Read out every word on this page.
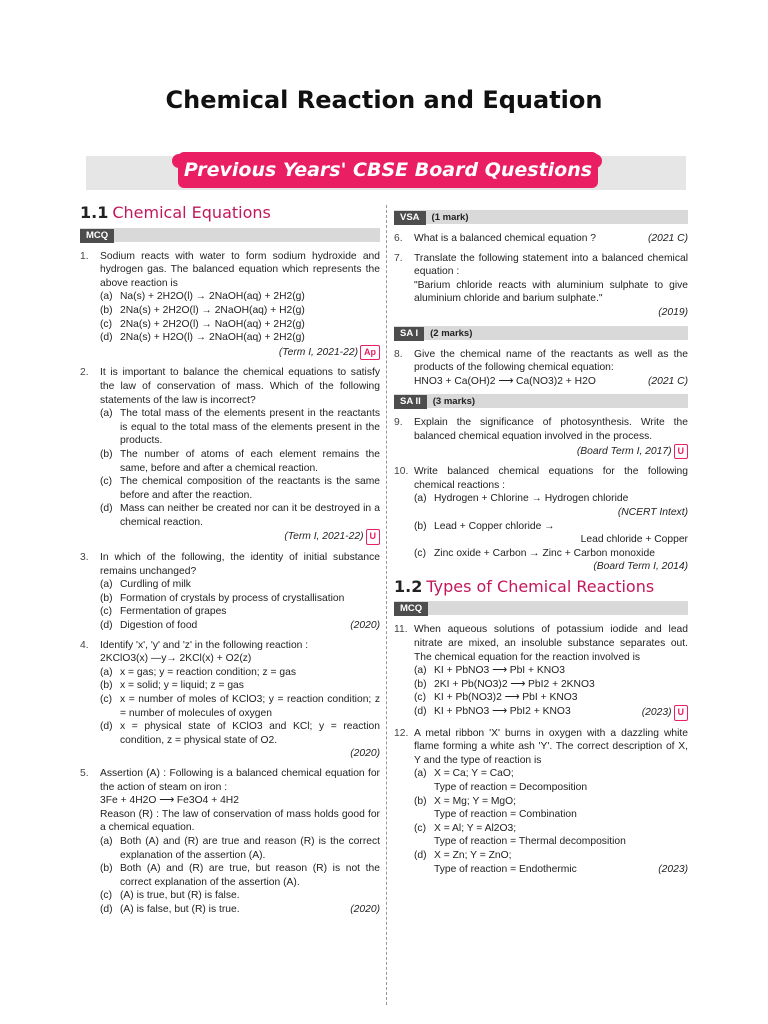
Chemical Reaction and Equation
Previous Years' CBSE Board Questions
1.1 Chemical Equations
MCQ
1.	Sodium reacts with water to form sodium hydroxide and hydrogen gas. The balanced equation which represents the above reaction is
(a) Na(s) + 2H2O(l) → 2NaOH(aq) + 2H2(g)
(b) 2Na(s) + 2H2O(l) → 2NaOH(aq) + H2(g)
(c) 2Na(s) + 2H2O(l) → NaOH(aq) + 2H2(g)
(d) 2Na(s) + H2O(l) → 2NaOH(aq) + 2H2(g)
(Term I, 2021-22) Ap
2.	It is important to balance the chemical equations to satisfy the law of conservation of mass. Which of the following statements of the law is incorrect?
(a) The total mass of the elements present in the reactants is equal to the total mass of the elements present in the products.
(b) The number of atoms of each element remains the same, before and after a chemical reaction.
(c) The chemical composition of the reactants is the same before and after the reaction.
(d) Mass can neither be created nor can it be destroyed in a chemical reaction.
(Term I, 2021-22) U
3.	In which of the following, the identity of initial substance remains unchanged?
(a) Curdling of milk
(b) Formation of crystals by process of crystallisation
(c) Fermentation of grapes
(d) Digestion of food	(2020)
4.	Identify 'x', 'y' and 'z' in the following reaction :
2KClO3(x) —y→ 2KCl(x) + O2(z)
(a) x = gas; y = reaction condition; z = gas
(b) x = solid; y = liquid; z = gas
(c) x = number of moles of KClO3; y = reaction condition; z = number of molecules of oxygen
(d) x = physical state of KClO3 and KCl; y = reaction condition, z = physical state of O2.
(2020)
5.	Assertion (A) : Following is a balanced chemical equation for the action of steam on iron :
3Fe + 4H2O ⟶ Fe3O4 + 4H2
Reason (R) : The law of conservation of mass holds good for a chemical equation.
(a) Both (A) and (R) are true and reason (R) is the correct explanation of the assertion (A).
(b) Both (A) and (R) are true, but reason (R) is not the correct explanation of the assertion (A).
(c) (A) is true, but (R) is false.
(d) (A) is false, but (R) is true.	(2020)
VSA (1 mark)
6.	What is a balanced chemical equation ?	(2021 C)
7.	Translate the following statement into a balanced chemical equation :
"Barium chloride reacts with aluminium sulphate to give aluminium chloride and barium sulphate."
(2019)
SA I (2 marks)
8.	Give the chemical name of the reactants as well as the products of the following chemical equation:
HNO3 + Ca(OH)2 ⟶ Ca(NO3)2 + H2O	(2021 C)
SA II (3 marks)
9.	Explain the significance of photosynthesis. Write the balanced chemical equation involved in the process.
(Board Term I, 2017) U
10. Write balanced chemical equations for the following chemical reactions :
(a) Hydrogen + Chlorine → Hydrogen chloride
(NCERT Intext)
(b) Lead + Copper chloride →
Lead chloride + Copper
(c) Zinc oxide + Carbon → Zinc + Carbon monoxide
(Board Term I, 2014)
1.2 Types of Chemical Reactions
MCQ
11. When aqueous solutions of potassium iodide and lead nitrate are mixed, an insoluble substance separates out. The chemical equation for the reaction involved is
(a) KI + PbNO3 ⟶ PbI + KNO3
(b) 2KI + Pb(NO3)2 ⟶ PbI2 + 2KNO3
(c) KI + Pb(NO3)2 ⟶ PbI + KNO3
(d) KI + PbNO3 ⟶ PbI2 + KNO3	(2023) U
12. A metal ribbon 'X' burns in oxygen with a dazzling white flame forming a white ash 'Y'. The correct description of X, Y and the type of reaction is
(a) X = Ca; Y = CaO;
Type of reaction = Decomposition
(b) X = Mg; Y = MgO;
Type of reaction = Combination
(c) X = Al; Y = Al2O3;
Type of reaction = Thermal decomposition
(d) X = Zn; Y = ZnO;
Type of reaction = Endothermic	(2023)
